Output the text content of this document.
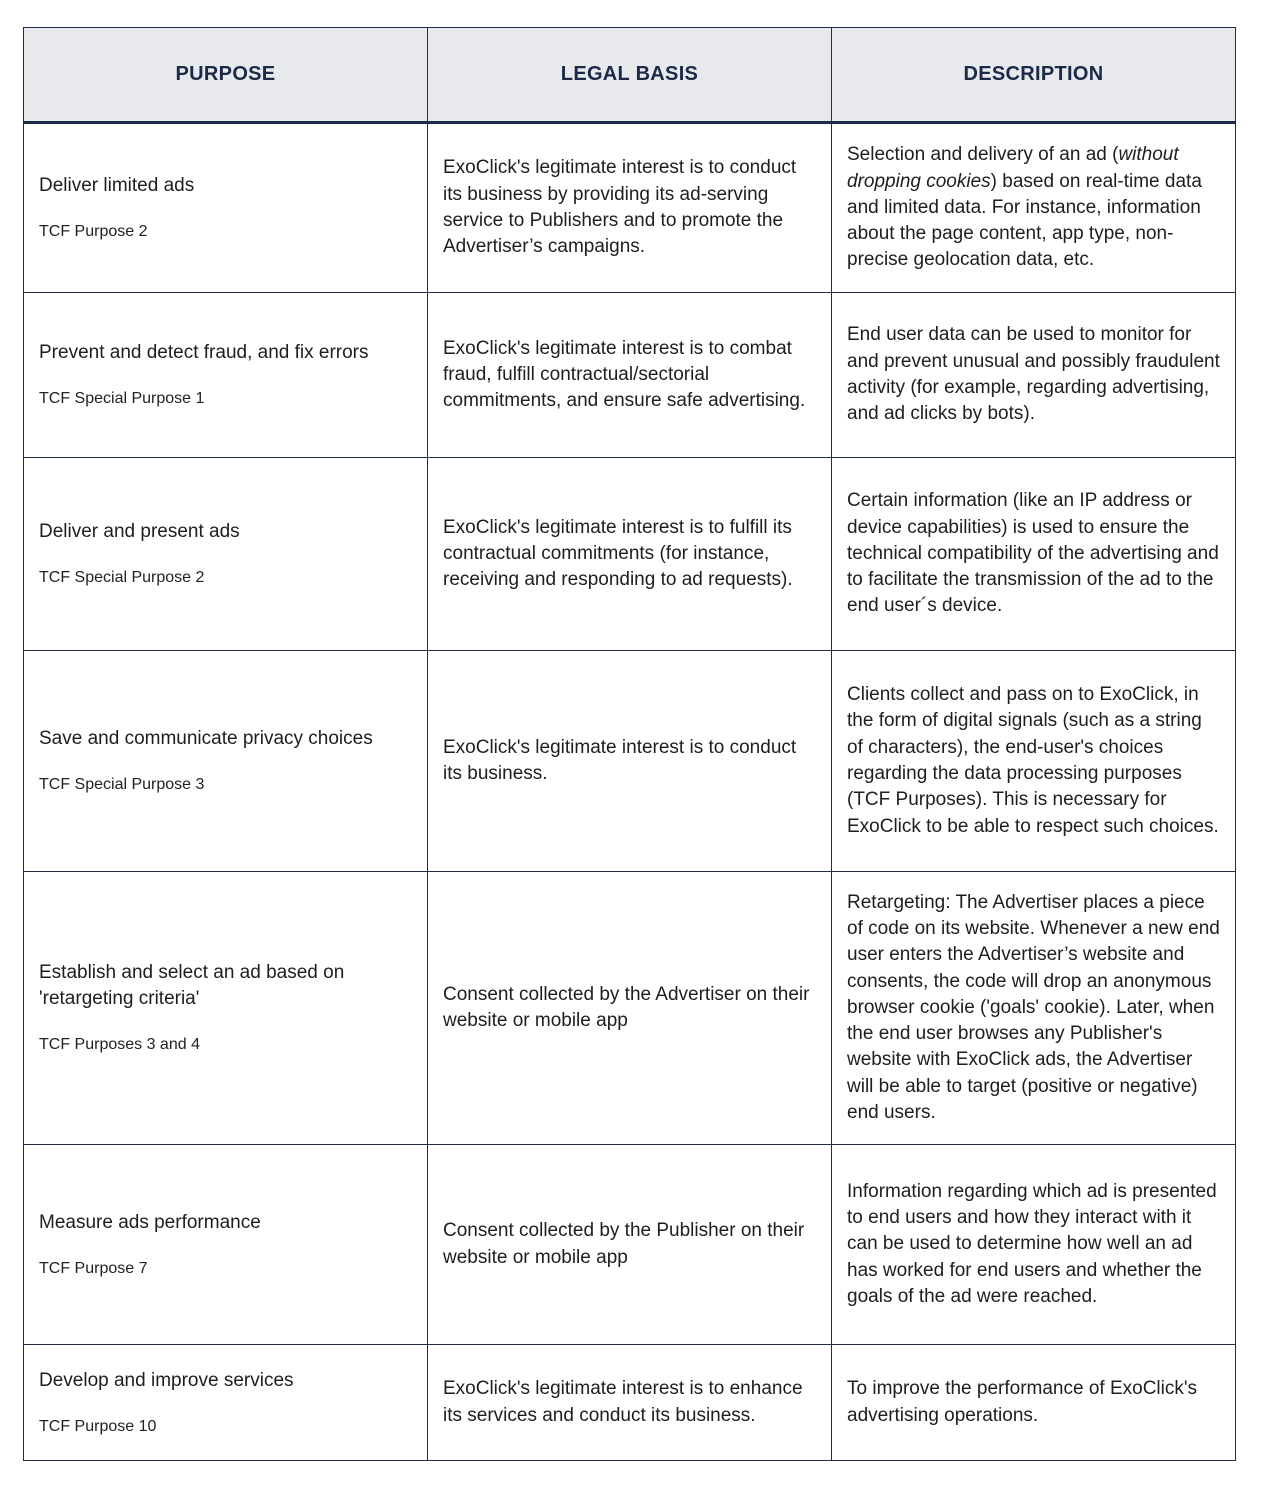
PURPOSE	LEGAL BASIS	DESCRIPTION

Deliver limited ads
TCF Purpose 2	ExoClick's legitimate interest is to conduct its business by providing its ad-serving service to Publishers and to promote the Advertiser’s campaigns.	Selection and delivery of an ad (without dropping cookies) based on real-time data and limited data. For instance, information about the page content, app type, non-precise geolocation data, etc.

Prevent and detect fraud, and fix errors
TCF Special Purpose 1	ExoClick's legitimate interest is to combat fraud, fulfill contractual/sectorial commitments, and ensure safe advertising.	End user data can be used to monitor for and prevent unusual and possibly fraudulent activity (for example, regarding advertising, and ad clicks by bots).

Deliver and present ads
TCF Special Purpose 2	ExoClick's legitimate interest is to fulfill its contractual commitments (for instance, receiving and responding to ad requests).	Certain information (like an IP address or device capabilities) is used to ensure the technical compatibility of the advertising and to facilitate the transmission of the ad to the end user´s device.

Save and communicate privacy choices
TCF Special Purpose 3	ExoClick's legitimate interest is to conduct its business.	Clients collect and pass on to ExoClick, in the form of digital signals (such as a string of characters), the end-user's choices regarding the data processing purposes (TCF Purposes). This is necessary for ExoClick to be able to respect such choices.

Establish and select an ad based on 'retargeting criteria'
TCF Purposes 3 and 4	Consent collected by the Advertiser on their website or mobile app	Retargeting: The Advertiser places a piece of code on its website. Whenever a new end user enters the Advertiser’s website and consents, the code will drop an anonymous browser cookie ('goals' cookie). Later, when the end user browses any Publisher's website with ExoClick ads, the Advertiser will be able to target (positive or negative) end users.

Measure ads performance
TCF Purpose 7	Consent collected by the Publisher on their website or mobile app	Information regarding which ad is presented to end users and how they interact with it can be used to determine how well an ad has worked for end users and whether the goals of the ad were reached.

Develop and improve services
TCF Purpose 10	ExoClick's legitimate interest is to enhance its services and conduct its business.	To improve the performance of ExoClick's advertising operations.
